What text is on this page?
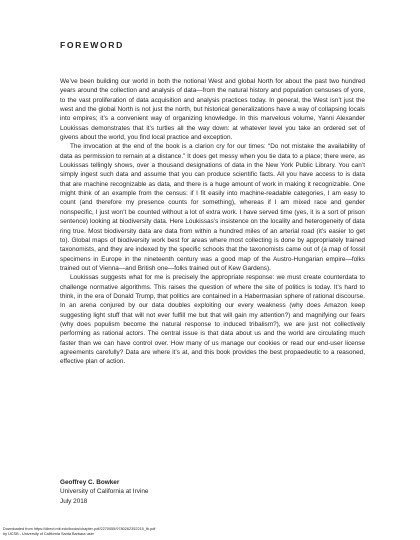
FOREWORD

We’ve been building our world in both the notional West and global North for about the past two hundred years around the collection and analysis of data—from the natural history and population censuses of yore, to the vast proliferation of data acquisition and analysis practices today. In general, the West isn’t just the west and the global North is not just the north, but historical generalizations have a way of collapsing locals into empires; it’s a convenient way of organizing knowledge. In this marvelous volume, Yanni Alexander Loukissas demonstrates that it’s turtles all the way down: at whatever level you take an ordered set of givens about the world, you find local practice and exception.

The invocation at the end of the book is a clarion cry for our times: “Do not mistake the availability of data as permission to remain at a distance.” It does get messy when you tie data to a place; there were, as Loukissas tellingly shows, over a thousand designations of data in the New York Public Library. You can’t simply ingest such data and assume that you can produce scientific facts. All you have access to is data that are machine recognizable as data, and there is a huge amount of work in making it recognizable. One might think of an example from the census: if I fit easily into machine-readable categories, I am easy to count (and therefore my presence counts for something), whereas if I am mixed race and gender nonspecific, I just won’t be counted without a lot of extra work. I have served time (yes, it is a sort of prison sentence) looking at biodiversity data. Here Loukissas’s insistence on the locality and heterogeneity of data ring true. Most biodiversity data are data from within a hundred miles of an arterial road (it’s easier to get to). Global maps of biodiversity work best for areas where most collecting is done by appropriately trained taxonomists, and they are indexed by the specific schools that the taxonomists came out of (a map of fossil specimens in Europe in the nineteenth century was a good map of the Austro-Hungarian empire—folks trained out of Vienna—and British one—folks trained out of Kew Gardens).

Loukissas suggests what for me is precisely the appropriate response: we must create counterdata to challenge normative algorithms. This raises the question of where the site of politics is today. It’s hard to think, in the era of Donald Trump, that politics are contained in a Habermasian sphere of rational discourse. In an arena conjured by our data doubles exploiting our every weakness (why does Amazon keep suggesting light stuff that will not ever fulfill me but that will gain my attention?) and magnifying our fears (why does populism become the natural response to induced tribalism?), we are just not collectively performing as rational actors. The central issue is that data about us and the world are circulating much faster than we can have control over. How many of us manage our cookies or read our end-user license agreements carefully? Data are where it’s at, and this book provides the best propaedeutic to a reasoned, effective plan of action.

Geoffrey C. Bowker
University of California at Irvine
July 2018
Downloaded from https://direct.mit.edu/books/chapter-pdf/2270055/9780262352215_fb.pdf
by UCSB - University of California Santa Barbara user
